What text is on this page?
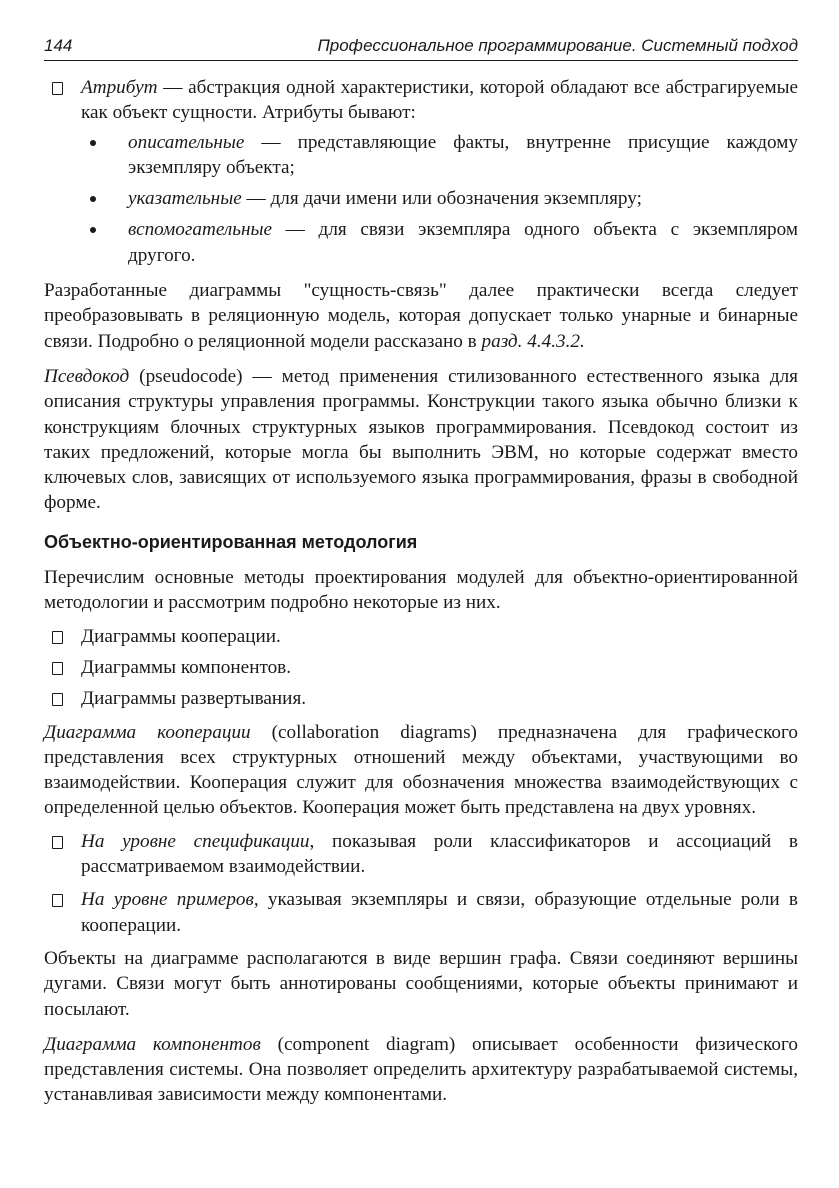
144	Профессиональное программирование. Системный подход
Атрибут — абстракция одной характеристики, которой обладают все абстрагируемые как объект сущности. Атрибуты бывают:
описательные — представляющие факты, внутренне присущие каждому экземпляру объекта;
указательные — для дачи имени или обозначения экземпляру;
вспомогательные — для связи экземпляра одного объекта с экземпляром другого.

Разработанные диаграммы "сущность-связь" далее практически всегда следует преобразовывать в реляционную модель, которая допускает только унарные и бинарные связи. Подробно о реляционной модели рассказано в разд. 4.4.3.2.

Псевдокод (pseudocode) — метод применения стилизованного естественного языка для описания структуры управления программы. Конструкции такого языка обычно близки к конструкциям блочных структурных языков программирования. Псевдокод состоит из таких предложений, которые могла бы выполнить ЭВМ, но которые содержат вместо ключевых слов, зависящих от используемого языка программирования, фразы в свободной форме.

Объектно-ориентированная методология

Перечислим основные методы проектирования модулей для объектно-ориентированной методологии и рассмотрим подробно некоторые из них.

Диаграммы кооперации.
Диаграммы компонентов.
Диаграммы развертывания.

Диаграмма кооперации (collaboration diagrams) предназначена для графического представления всех структурных отношений между объектами, участвующими во взаимодействии. Кооперация служит для обозначения множества взаимодействующих с определенной целью объектов. Кооперация может быть представлена на двух уровнях.

На уровне спецификации, показывая роли классификаторов и ассоциаций в рассматриваемом взаимодействии.
На уровне примеров, указывая экземпляры и связи, образующие отдельные роли в кооперации.

Объекты на диаграмме располагаются в виде вершин графа. Связи соединяют вершины дугами. Связи могут быть аннотированы сообщениями, которые объекты принимают и посылают.

Диаграмма компонентов (component diagram) описывает особенности физического представления системы. Она позволяет определить архитектуру разрабатываемой системы, устанавливая зависимости между компонентами.
